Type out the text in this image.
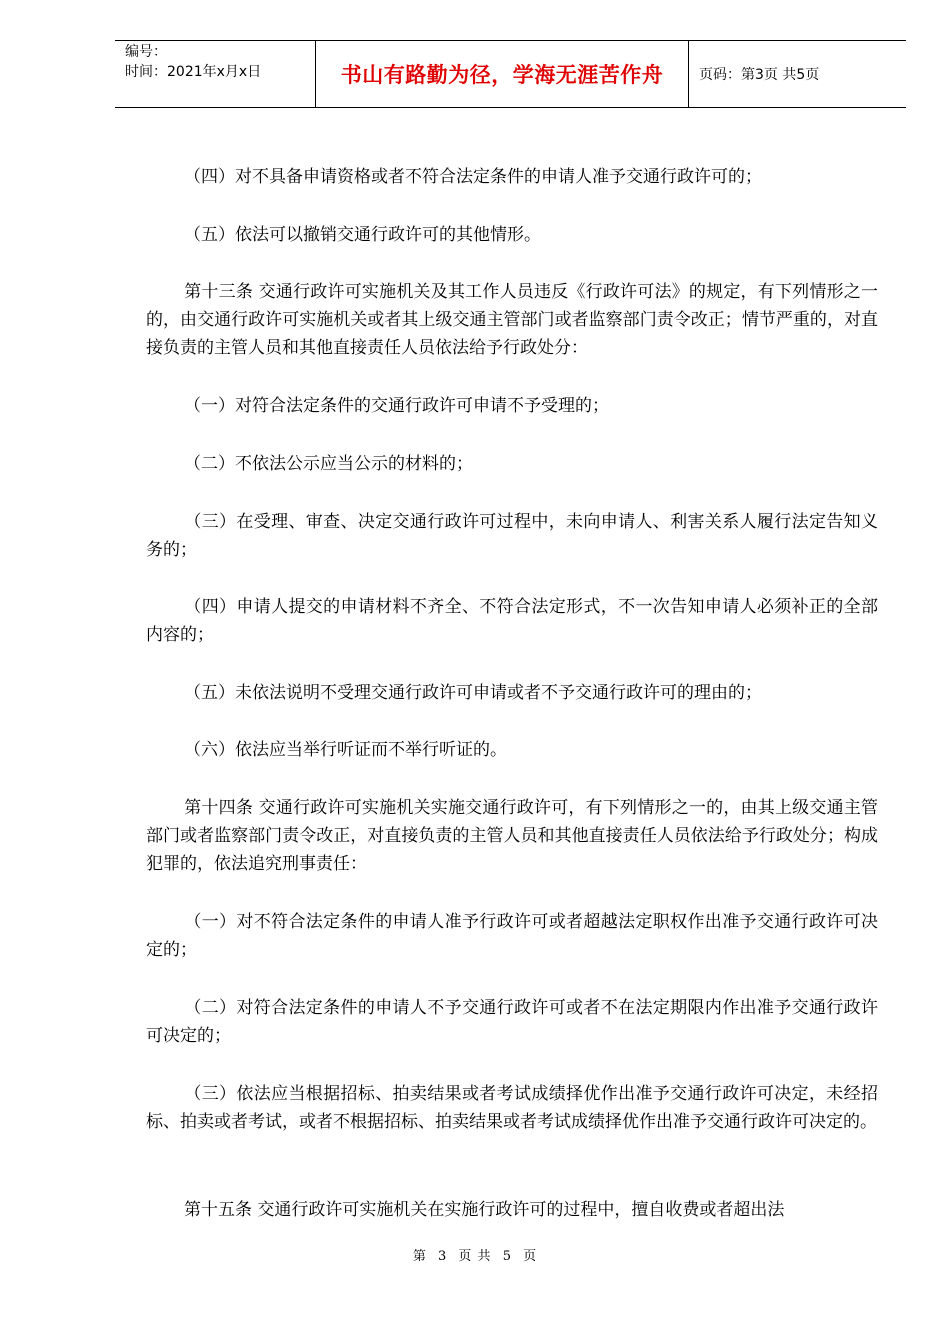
编号：
时间：2021年x月x日	书山有路勤为径，学海无涯苦作舟	页码：第3页 共5页

（四）对不具备申请资格或者不符合法定条件的申请人准予交通行政许可的；

（五）依法可以撤销交通行政许可的其他情形。

第十三条 交通行政许可实施机关及其工作人员违反《行政许可法》的规定，有下列情形之一的，由交通行政许可实施机关或者其上级交通主管部门或者监察部门责令改正；情节严重的，对直接负责的主管人员和其他直接责任人员依法给予行政处分：

（一）对符合法定条件的交通行政许可申请不予受理的；

（二）不依法公示应当公示的材料的；

（三）在受理、审查、决定交通行政许可过程中，未向申请人、利害关系人履行法定告知义务的；

（四）申请人提交的申请材料不齐全、不符合法定形式，不一次告知申请人必须补正的全部内容的；

（五）未依法说明不受理交通行政许可申请或者不予交通行政许可的理由的；

（六）依法应当举行听证而不举行听证的。

第十四条 交通行政许可实施机关实施交通行政许可，有下列情形之一的，由其上级交通主管部门或者监察部门责令改正，对直接负责的主管人员和其他直接责任人员依法给予行政处分；构成犯罪的，依法追究刑事责任：

（一）对不符合法定条件的申请人准予行政许可或者超越法定职权作出准予交通行政许可决定的；

（二）对符合法定条件的申请人不予交通行政许可或者不在法定期限内作出准予交通行政许可决定的；

（三）依法应当根据招标、拍卖结果或者考试成绩择优作出准予交通行政许可决定，未经招标、拍卖或者考试，或者不根据招标、拍卖结果或者考试成绩择优作出准予交通行政许可决定的。

第十五条 交通行政许可实施机关在实施行政许可的过程中，擅自收费或者超出法

第 3 页 共 5 页
